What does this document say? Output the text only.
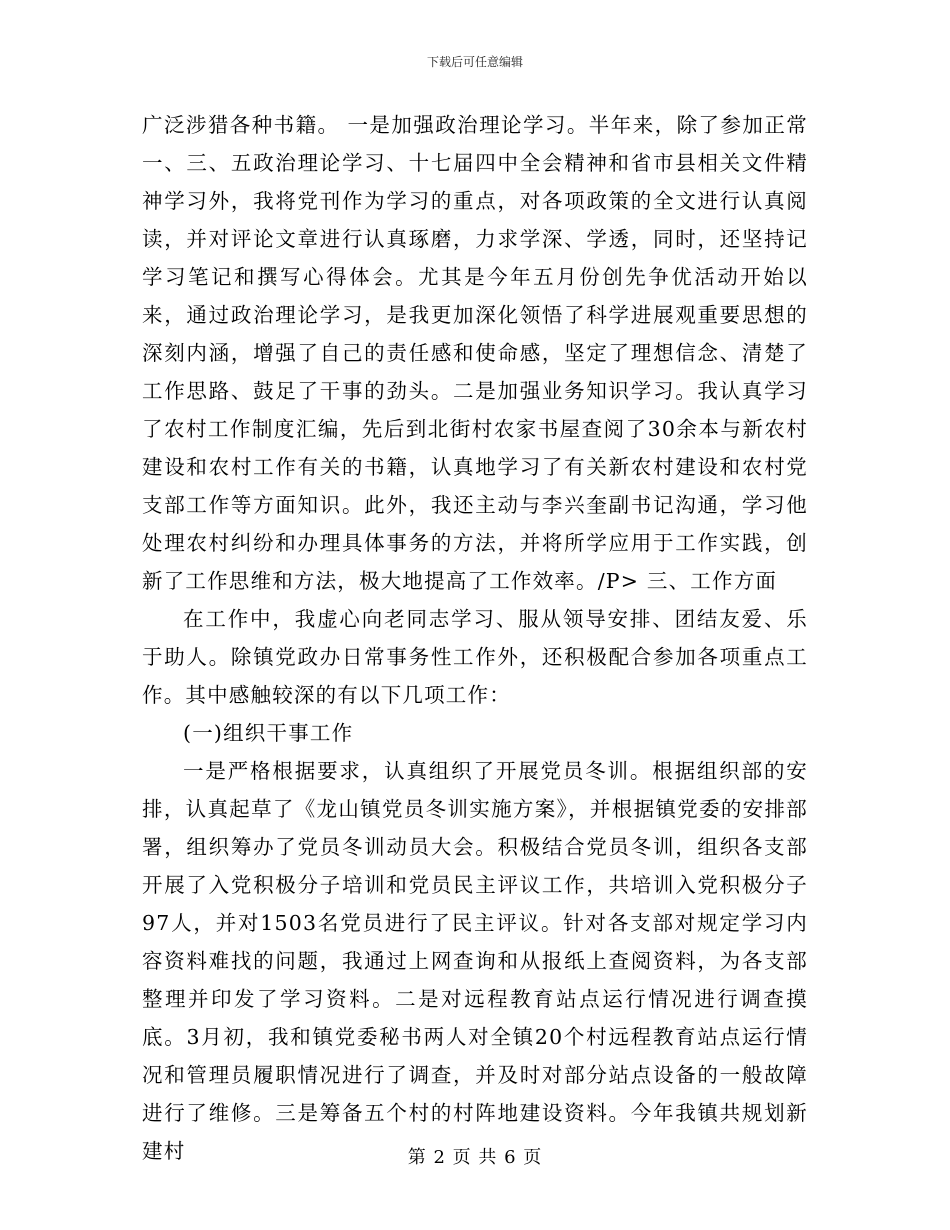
下载后可任意编辑

广泛涉猎各种书籍。 一是加强政治理论学习。半年来，除了参加正常一、三、五政治理论学习、十七届四中全会精神和省市县相关文件精神学习外，我将党刊作为学习的重点，对各项政策的全文进行认真阅读，并对评论文章进行认真琢磨，力求学深、学透，同时，还坚持记学习笔记和撰写心得体会。尤其是今年五月份创先争优活动开始以来，通过政治理论学习，是我更加深化领悟了科学进展观重要思想的深刻内涵，增强了自己的责任感和使命感，坚定了理想信念、清楚了工作思路、鼓足了干事的劲头。二是加强业务知识学习。我认真学习了农村工作制度汇编，先后到北街村农家书屋查阅了30余本与新农村建设和农村工作有关的书籍，认真地学习了有关新农村建设和农村党支部工作等方面知识。此外，我还主动与李兴奎副书记沟通，学习他处理农村纠纷和办理具体事务的方法，并将所学应用于工作实践，创新了工作思维和方法，极大地提高了工作效率。/P> 三、工作方面

在工作中，我虚心向老同志学习、服从领导安排、团结友爱、乐于助人。除镇党政办日常事务性工作外，还积极配合参加各项重点工作。其中感触较深的有以下几项工作：

(一)组织干事工作

一是严格根据要求，认真组织了开展党员冬训。根据组织部的安排，认真起草了《龙山镇党员冬训实施方案》，并根据镇党委的安排部署，组织筹办了党员冬训动员大会。积极结合党员冬训，组织各支部开展了入党积极分子培训和党员民主评议工作，共培训入党积极分子97人，并对1503名党员进行了民主评议。针对各支部对规定学习内容资料难找的问题，我通过上网查询和从报纸上查阅资料，为各支部整理并印发了学习资料。二是对远程教育站点运行情况进行调查摸底。3月初，我和镇党委秘书两人对全镇20个村远程教育站点运行情况和管理员履职情况进行了调查，并及时对部分站点设备的一般故障进行了维修。三是筹备五个村的村阵地建设资料。今年我镇共规划新建村	第 2 页 共 6 页
